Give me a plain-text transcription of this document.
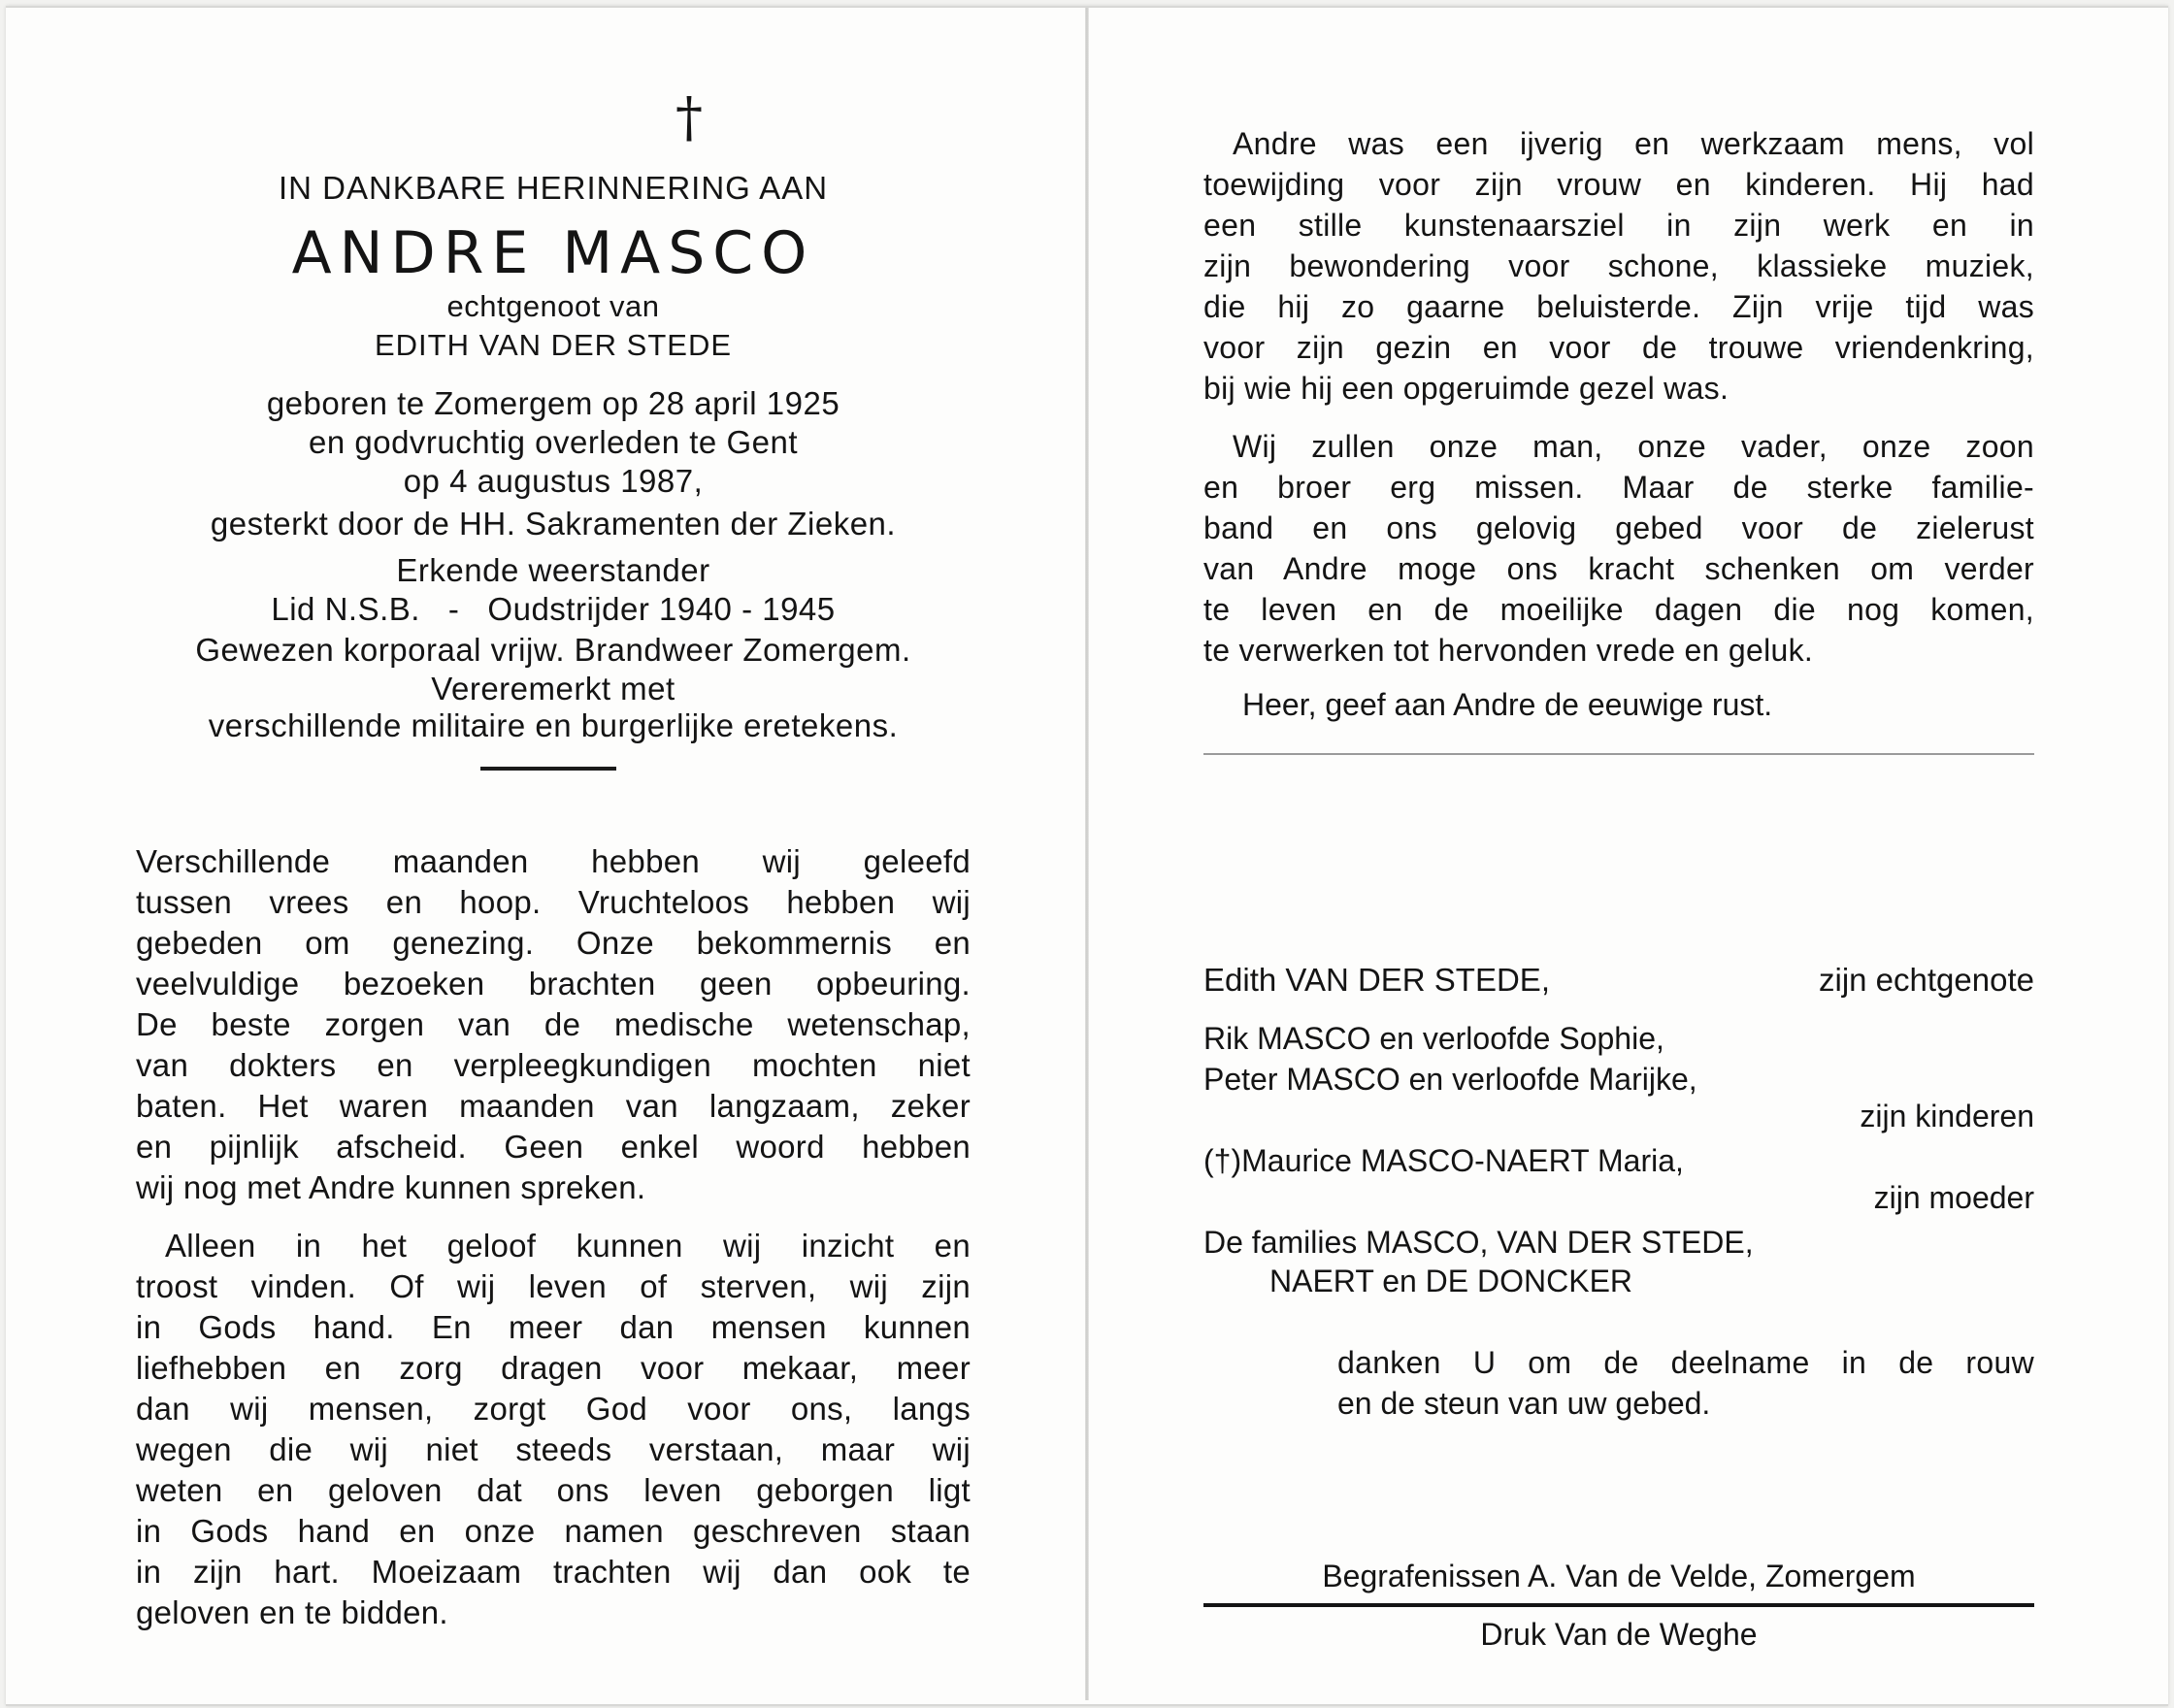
†
IN DANKBARE HERINNERING AAN
ANDRE MASCO
echtgenoot van
EDITH VAN DER STEDE
geboren te Zomergem op 28 april 1925
en godvruchtig overleden te Gent
op 4 augustus 1987,
gesterkt door de HH. Sakramenten der Zieken.
Erkende weerstander
Lid N.S.B.   -   Oudstrijder 1940 - 1945
Gewezen korporaal vrijw. Brandweer Zomergem.
Vereremerkt met
verschillende militaire en burgerlijke eretekens.
Verschillende maanden hebben wij geleefd
tussen vrees en hoop. Vruchteloos hebben wij
gebeden om genezing. Onze bekommernis en
veelvuldige bezoeken brachten geen opbeuring.
De beste zorgen van de medische wetenschap,
van dokters en verpleegkundigen mochten niet
baten. Het waren maanden van langzaam, zeker
en pijnlijk afscheid. Geen enkel woord hebben
wij nog met Andre kunnen spreken.
Alleen in het geloof kunnen wij inzicht en
troost vinden. Of wij leven of sterven, wij zijn
in Gods hand. En meer dan mensen kunnen
liefhebben en zorg dragen voor mekaar, meer
dan wij mensen, zorgt God voor ons, langs
wegen die wij niet steeds verstaan, maar wij
weten en geloven dat ons leven geborgen ligt
in Gods hand en onze namen geschreven staan
in zijn hart. Moeizaam trachten wij dan ook te
geloven en te bidden.
Andre was een ijverig en werkzaam mens, vol
toewijding voor zijn vrouw en kinderen. Hij had
een stille kunstenaarsziel in zijn werk en in
zijn bewondering voor schone, klassieke muziek,
die hij zo gaarne beluisterde. Zijn vrije tijd was
voor zijn gezin en voor de trouwe vriendenkring,
bij wie hij een opgeruimde gezel was.
Wij zullen onze man, onze vader, onze zoon
en broer erg missen. Maar de sterke familie-
band en ons gelovig gebed voor de zielerust
van Andre moge ons kracht schenken om verder
te leven en de moeilijke dagen die nog komen,
te verwerken tot hervonden vrede en geluk.
Heer, geef aan Andre de eeuwige rust.
Edith VAN DER STEDE,	zijn echtgenote
Rik MASCO en verloofde Sophie,
Peter MASCO en verloofde Marijke,
zijn kinderen
(†)Maurice MASCO-NAERT Maria,
zijn moeder
De families MASCO, VAN DER STEDE,
NAERT en DE DONCKER
danken U om de deelname in de rouw
en de steun van uw gebed.
Begrafenissen A. Van de Velde, Zomergem
Druk Van de Weghe
